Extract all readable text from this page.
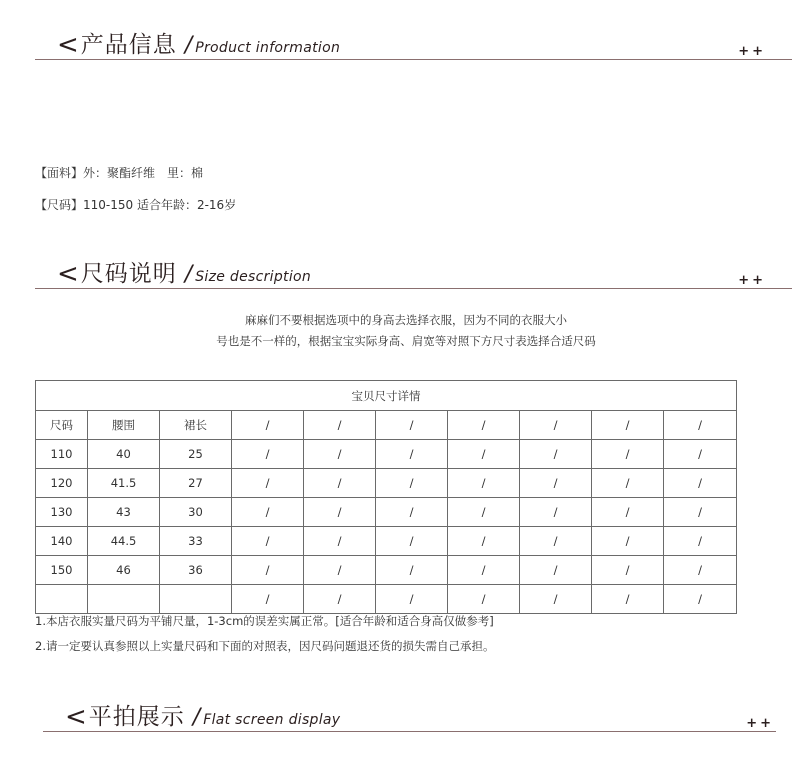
< 产品信息 / Product information	++
【面料】外：聚酯纤维　里：棉
【尺码】110-150 适合年龄：2-16岁
< 尺码说明 / Size description	++
麻麻们不要根据选项中的身高去选择衣服，因为不同的衣服大小
号也是不一样的，根据宝宝实际身高、肩宽等对照下方尺寸表选择合适尺码
宝贝尺寸详情									
尺码	腰围	裙长	/	/	/	/	/	/	/
110	40	25	/	/	/	/	/	/	/
120	41.5	27	/	/	/	/	/	/	/
130	43	30	/	/	/	/	/	/	/
140	44.5	33	/	/	/	/	/	/	/
150	46	36	/	/	/	/	/	/	/
			/	/	/	/	/	/	/
1.本店衣服实量尺码为平铺尺量，1-3cm的误差实属正常。[适合年龄和适合身高仅做参考]
2.请一定要认真参照以上实量尺码和下面的对照表，因尺码问题退还货的损失需自己承担。
< 平拍展示 / Flat screen display	++
